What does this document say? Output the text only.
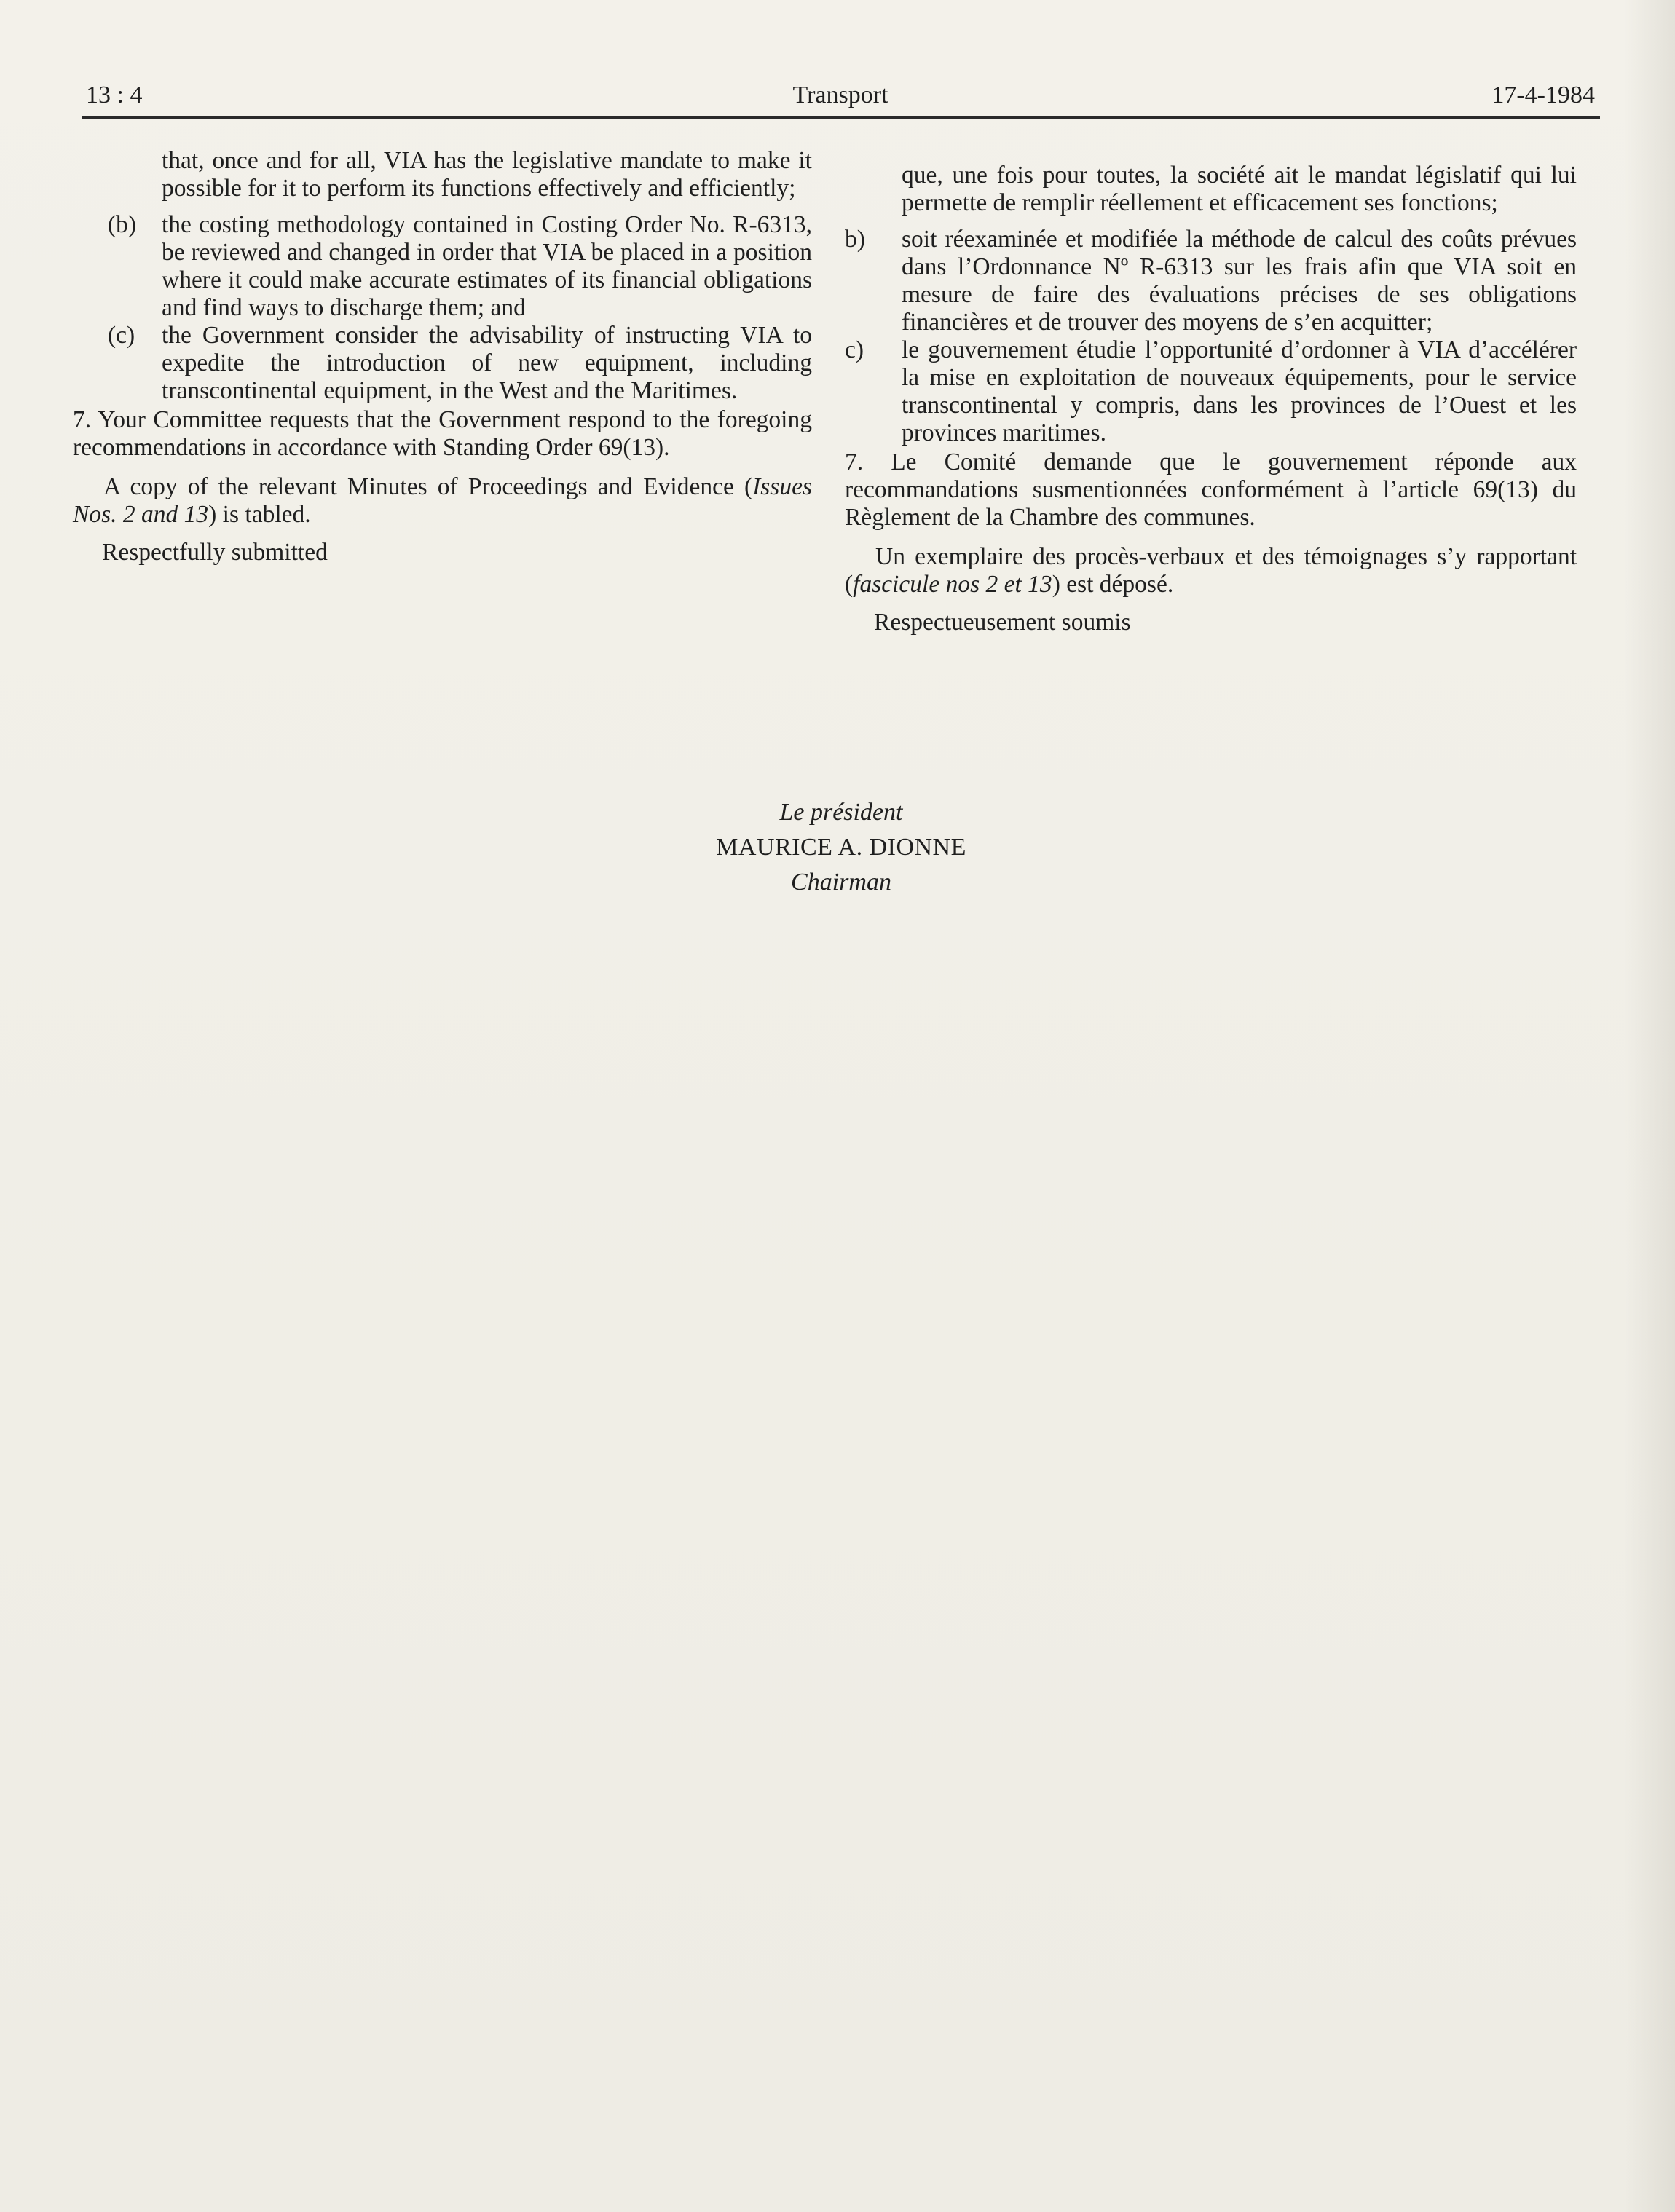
13 : 4	Transport	17-4-1984

that, once and for all, VIA has the legislative mandate to make it possible for it to perform its functions effectively and efficiently;

(b) the costing methodology contained in Costing Order No. R-6313, be reviewed and changed in order that VIA be placed in a position where it could make accurate estimates of its financial obligations and find ways to discharge them; and

(c) the Government consider the advisability of instructing VIA to expedite the introduction of new equipment, including transcontinental equipment, in the West and the Maritimes.

7. Your Committee requests that the Government respond to the foregoing recommendations in accordance with Standing Order 69(13).

A copy of the relevant Minutes of Proceedings and Evidence (Issues Nos. 2 and 13) is tabled.

Respectfully submitted

que, une fois pour toutes, la société ait le mandat législatif qui lui permette de remplir réellement et efficacement ses fonctions;

b) soit réexaminée et modifiée la méthode de calcul des coûts prévues dans l’Ordonnance Nº R-6313 sur les frais afin que VIA soit en mesure de faire des évaluations précises de ses obligations financières et de trouver des moyens de s’en acquitter;

c) le gouvernement étudie l’opportunité d’ordonner à VIA d’accélérer la mise en exploitation de nouveaux équipements, pour le service transcontinental y compris, dans les provinces de l’Ouest et les provinces maritimes.

7. Le Comité demande que le gouvernement réponde aux recommandations susmentionnées conformément à l’article 69(13) du Règlement de la Chambre des communes.

Un exemplaire des procès-verbaux et des témoignages s’y rapportant (fascicule nos 2 et 13) est déposé.

Respectueusement soumis

Le président
MAURICE A. DIONNE
Chairman
